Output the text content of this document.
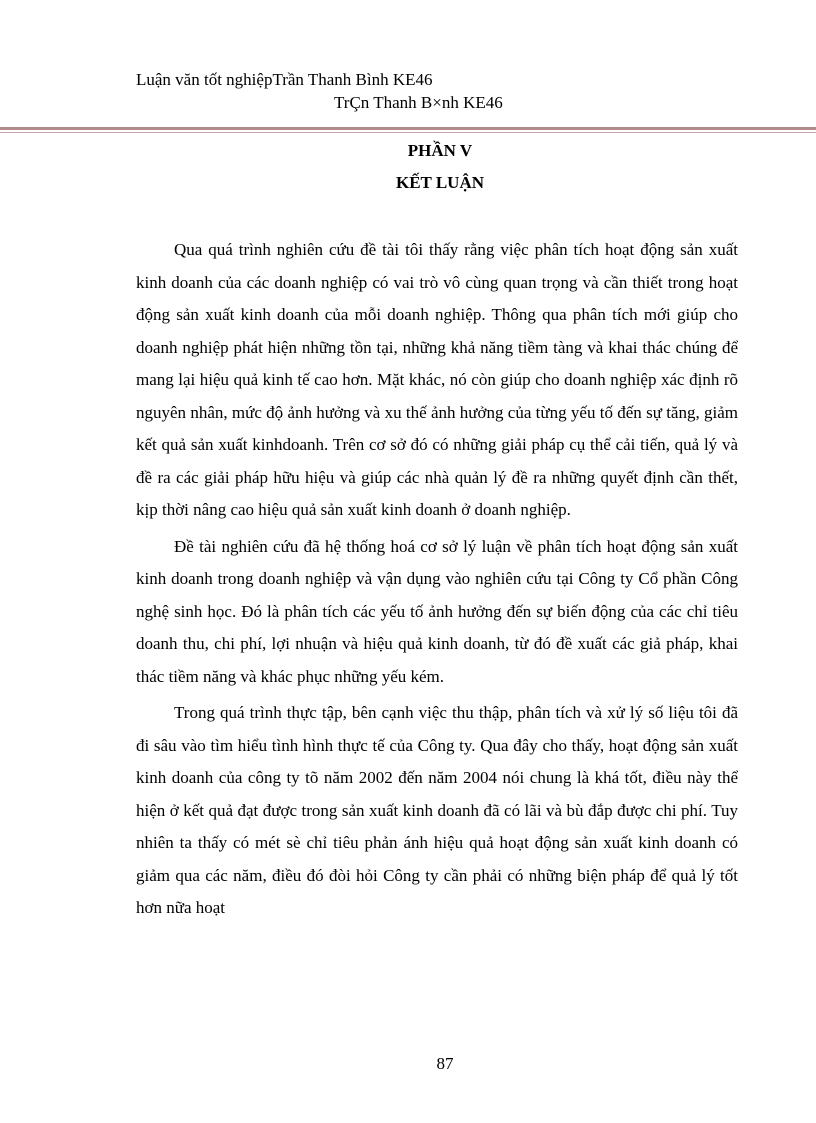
Luận văn tốt nghiệpTrần Thanh Bình KE46
TrÇn Thanh B×nh KE46
PHẦN V
KẾT LUẬN

Qua quá trình nghiên cứu đề tài tôi thấy rằng việc phân tích hoạt động sản xuất kinh doanh của các doanh nghiệp có vai trò vô cùng quan trọng và cần thiết trong hoạt động sản xuất kinh doanh của mỗi doanh nghiệp. Thông qua phân tích mới giúp cho doanh nghiệp phát hiện những tồn tại, những khả năng tiềm tàng và khai thác chúng để mang lại hiệu quả kinh tế cao hơn. Mặt khác, nó còn giúp cho doanh nghiệp xác định rõ nguyên nhân, mức độ ảnh hưởng và xu thế ảnh hưởng của từng yếu tố đến sự tăng, giảm kết quả sản xuất kinhdoanh. Trên cơ sở đó có những giải pháp cụ thể cải tiến, quả lý và đề ra các giải pháp hữu hiệu và giúp các nhà quản lý đề ra những quyết định cần thết, kịp thời nâng cao hiệu quả sản xuất kinh doanh ở doanh nghiệp.

Đề tài nghiên cứu đã hệ thống hoá cơ sở lý luận về phân tích hoạt động sản xuất kinh doanh trong doanh nghiệp và vận dụng vào nghiên cứu tại Công ty Cổ phần Công nghệ sinh học. Đó là phân tích các yếu tố ảnh hưởng đến sự biến động của các chỉ tiêu doanh thu, chi phí, lợi nhuận và hiệu quả kinh doanh, từ đó đề xuất các giả pháp, khai thác tiềm năng và khác phục những yếu kém.

Trong quá trình thực tập, bên cạnh việc thu thập, phân tích và xử lý số liệu tôi đã đi sâu vào tìm hiểu tình hình thực tế của Công ty. Qua đây cho thấy, hoạt động sản xuất kinh doanh của công ty tõ năm 2002 đến năm 2004 nói chung là khá tốt, điều này thể hiện ở kết quả đạt được trong sản xuất kinh doanh đã có lãi và bù đắp được chi phí. Tuy nhiên ta thấy có mét sè chỉ tiêu phản ánh hiệu quả hoạt động sản xuất kinh doanh có giảm qua các năm, điều đó đòi hỏi Công ty cần phải có những biện pháp để quả lý tốt hơn nữa hoạt

87
